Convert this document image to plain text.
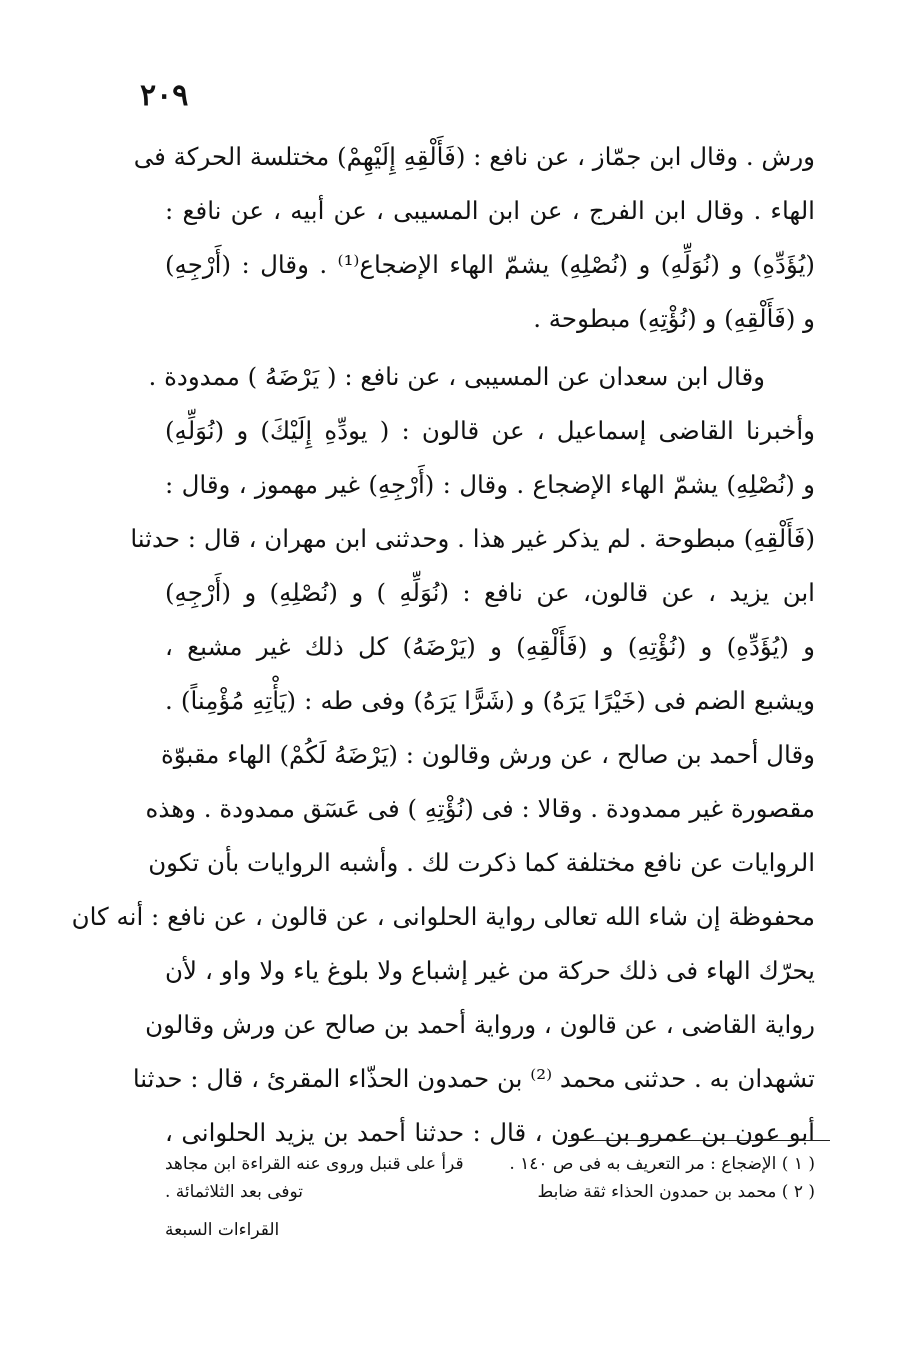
٢٠٩
ورش . وقال ابن جمّاز ، عن نافع : (فَأَلْقِهِ إِلَيْهِمْ) مختلسة الحركة فى
الهاء . وقال ابن الفرج ، عن ابن المسيبى ، عن أبيه ، عن نافع :
(يُؤَدِّهِ) و (نُوَلِّهِ) و (نُصْلِهِ) يشمّ الهاء الإضجاع⁽¹⁾ . وقال : (أَرْجِهِ)
و (فَأَلْقِهِ) و (نُؤْتِهِ) مبطوحة .
وقال ابن سعدان عن المسيبى ، عن نافع : ( يَرْضَهُ ) ممدودة .
وأخبرنا القاضى إسماعيل ، عن قالون : ( يودِّهِ إِلَيْكَ) و (نُوَلِّهِ)
و (نُصْلِهِ) يشمّ الهاء الإضجاع . وقال : (أَرْجِهِ) غير مهموز ، وقال :
(فَأَلْقِهِ) مبطوحة . لم يذكر غير هذا . وحدثنى ابن مهران ، قال : حدثنا
ابن يزيد ، عن قالون، عن نافع : (نُوَلِّهِ ) و (نُصْلِهِ) و (أَرْجِهِ)
و (يُؤَدِّهِ) و (نُؤْتِهِ) و (فَأَلْقِهِ) و (يَرْضَهُ) كل ذلك غير مشبع ،
ويشبع الضم فى (خَيْرًا يَرَهُ) و (شَرًّا يَرَهُ) وفى طه : (يَأْتِهِ مُؤْمِناً) .
وقال أحمد بن صالح ، عن ورش وقالون : (يَرْضَهُ لَكُمْ) الهاء مقبوّة
مقصورة غير ممدودة . وقالا : فى (نُؤْتِهِ ) فى عَسٓق ممدودة . وهذه
الروايات عن نافع مختلفة كما ذكرت لك . وأشبه الروايات بأن تكون
محفوظة إن شاء الله تعالى رواية الحلوانى ، عن قالون ، عن نافع : أنه كان
يحرّك الهاء فى ذلك حركة من غير إشباع ولا بلوغ ياء ولا واو ، لأن
رواية القاضى ، عن قالون ، ورواية أحمد بن صالح عن ورش وقالون
تشهدان به . حدثنى محمد ⁽²⁾ بن حمدون الحذّاء المقرئ ، قال : حدثنا
أبو عون بن عمرو بن عون ، قال : حدثنا أحمد بن يزيد الحلوانى ،
( ١ ) الإضجاع : مر التعريف به فى ص ١٤٠ .
قرأ على قنبل وروى عنه القراءة ابن مجاهد
( ٢ ) محمد بن حمدون الحذاء ثقة ضابط
توفى بعد الثلاثمائة .
القراءات السبعة
